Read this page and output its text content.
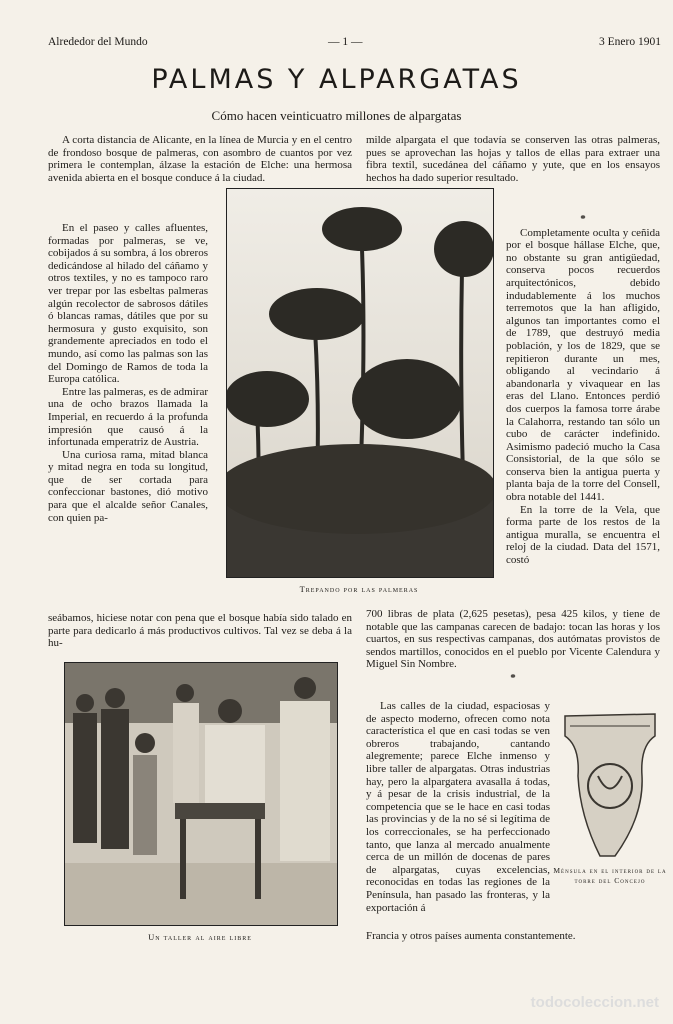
Alrededor del Mundo	— 1 —	3 Enero 1901
PALMAS Y ALPARGATAS
Cómo hacen veinticuatro millones de alpargatas

A corta distancia de Alicante, en la línea de Murcia y en el centro de frondoso bosque de palmeras, con asombro de cuantos por vez primera le contemplan, álzase la estación de Elche: una hermosa avenida abierta en el bosque conduce á la ciudad.

En el paseo y calles afluentes, formadas por palmeras, se ve, cobijados á su sombra, á los obreros dedicándose al hilado del cáñamo y otros textiles, y no es tampoco raro ver trepar por las esbeltas palmeras algún recolector de sabrosos dátiles ó blancas ramas, dátiles que por su hermosura y gusto exquisito, son grandemente apreciados en todo el mundo, así como las palmas son las del Domingo de Ramos de toda la Europa católica.

Entre las palmeras, es de admirar una de ocho brazos llamada la Imperial, en recuerdo á la profunda impresión que causó á la infortunada emperatriz de Austria.

Una curiosa rama, mitad blanca y mitad negra en toda su longitud, que de ser cortada para confeccionar bastones, dió motivo para que el alcalde señor Canales, con quien pa-

seábamos, hiciese notar con pena que el bosque había sido talado en parte para dedicarlo á más productivos cultivos. Tal vez se deba á la hu-

Trepando por las palmeras

milde alpargata el que todavía se conserven las otras palmeras, pues se aprovechan las hojas y tallos de ellas para extraer una fibra textil, sucedánea del cáñamo y yute, que en los ensayos hechos ha dado superior resultado.

*

Completamente oculta y ceñida por el bosque hállase Elche, que, no obstante su gran antigüedad, conserva pocos recuerdos arquitectónicos, debido indudablemente á los muchos terremotos que la han afligido, algunos tan importantes como el de 1789, que destruyó media población, y los de 1829, que se repitieron durante un mes, obligando al vecindario á abandonarla y vivaquear en las eras del Llano. Entonces perdió dos cuerpos la famosa torre árabe la Calahorra, restando tan sólo un cubo de carácter indefinido. Asimismo padeció mucho la Casa Consistorial, de la que sólo se conserva bien la antigua puerta y planta baja de la torre del Consell, obra notable del 1441.

En la torre de la Vela, que forma parte de los restos de la antigua muralla, se encuentra el reloj de la ciudad. Data del 1571, costó

700 libras de plata (2,625 pesetas), pesa 425 kilos, y tiene de notable que las campanas carecen de badajo: tocan las horas y los cuartos, en sus respectivas campanas, dos autómatas provistos de sendos martillos, conocidos en el pueblo por Vicente Calendura y Miguel Sin Nombre.

*

Las calles de la ciudad, espaciosas y de aspecto moderno, ofrecen como nota característica el que en casi todas se ven obreros trabajando, cantando alegremente; parece Elche inmenso y libre taller de alpargatas. Otras industrias hay, pero la alpargatera avasalla á todas, y á pesar de la crisis industrial, de la competencia que se le hace en casi todas las provincias y de la no sé si legítima de los correccionales, se ha perfeccionado tanto, que lanza al mercado anualmente cerca de un millón de docenas de pares de alpargatas, cuyas excelencias, reconocidas en todas las regiones de la Península, han pasado las fronteras, y la exportación á

Francia y otros países aumenta constantemente.

Un taller al aire libre
Ménsula en el interior de la torre del Concejo
todocoleccion.net
